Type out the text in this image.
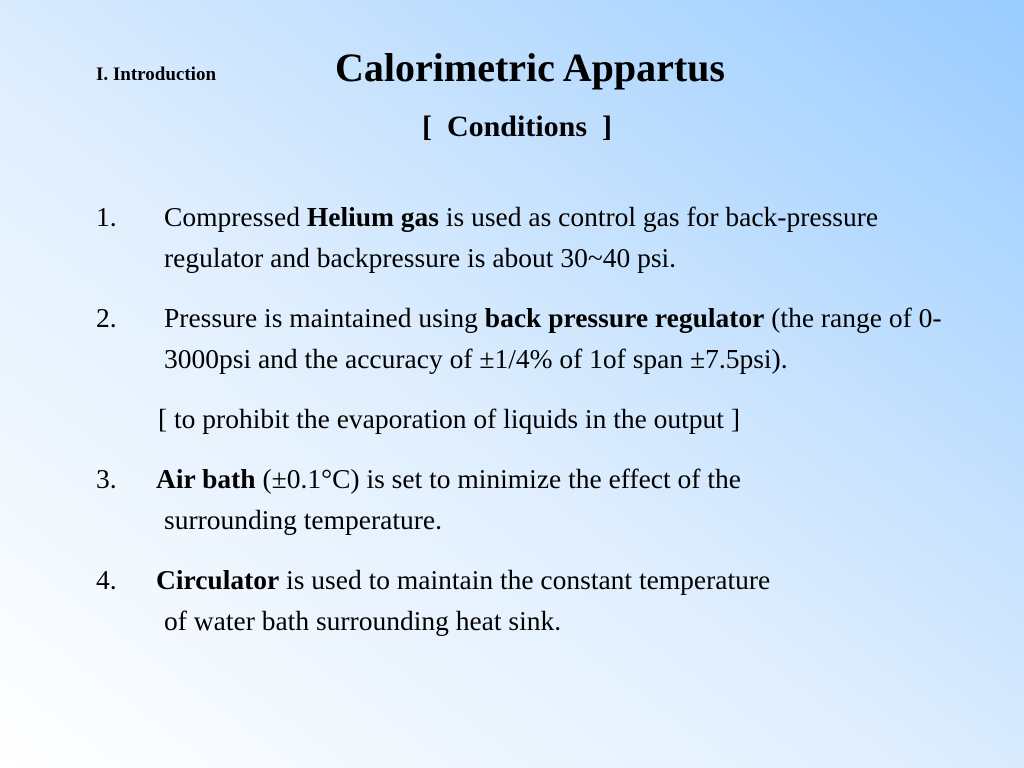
I. Introduction	Calorimetric Appartus
[  Conditions  ]
1. Compressed Helium gas is used as control gas for back-pressure regulator and backpressure is about 30~40 psi.
2. Pressure is maintained using back pressure regulator (the range of 0-3000psi and the accuracy of ±1/4% of 1of span ±7.5psi).
[ to prohibit the evaporation of liquids in the output ]
3. Air bath (±0.1°C) is set to minimize the effect of the
surrounding temperature.
4. Circulator is used to maintain the constant temperature
of water bath surrounding heat sink.
